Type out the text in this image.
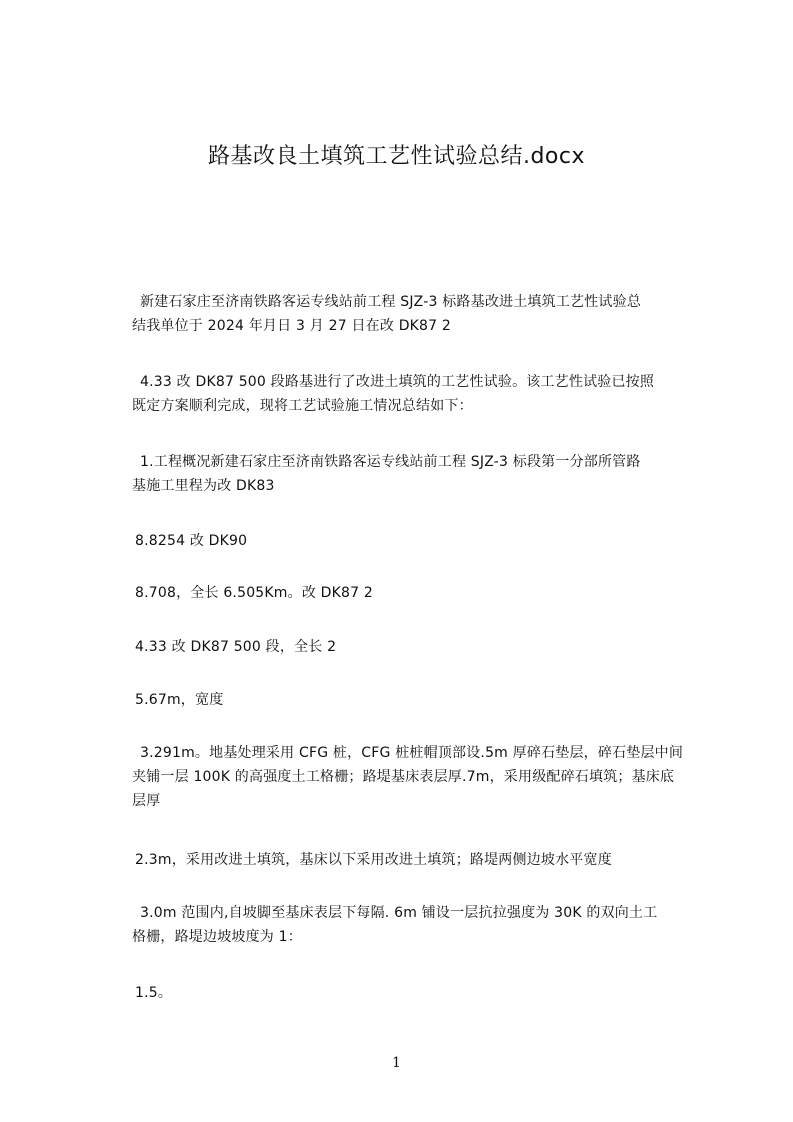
路基改良土填筑工艺性试验总结.docx
新建石家庄至济南铁路客运专线站前工程 SJZ-3 标路基改进土填筑工艺性试验总
结我单位于 2024 年月日 3 月 27 日在改 DK87 2
4.33 改 DK87 500 段路基进行了改进土填筑的工艺性试验。该工艺性试验已按照
既定方案顺利完成，现将工艺试验施工情况总结如下：
1.工程概况新建石家庄至济南铁路客运专线站前工程 SJZ-3 标段第一分部所管路
基施工里程为改 DK83
8.8254 改 DK90
8.708，全长 6.505Km。改 DK87 2
4.33 改 DK87 500 段，全长 2
5.67m，宽度
3.291m。地基处理采用 CFG 桩，CFG 桩桩帽顶部设.5m 厚碎石垫层，碎石垫层中间
夹铺一层 100K 的高强度土工格栅；路堤基床表层厚.7m，采用级配碎石填筑；基床底
层厚
2.3m，采用改进土填筑，基床以下采用改进土填筑；路堤两侧边坡水平宽度
3.0m 范围内,自坡脚至基床表层下每隔. 6m 铺设一层抗拉强度为 30K 的双向土工
格栅，路堤边坡坡度为 1：
1.5。
1
